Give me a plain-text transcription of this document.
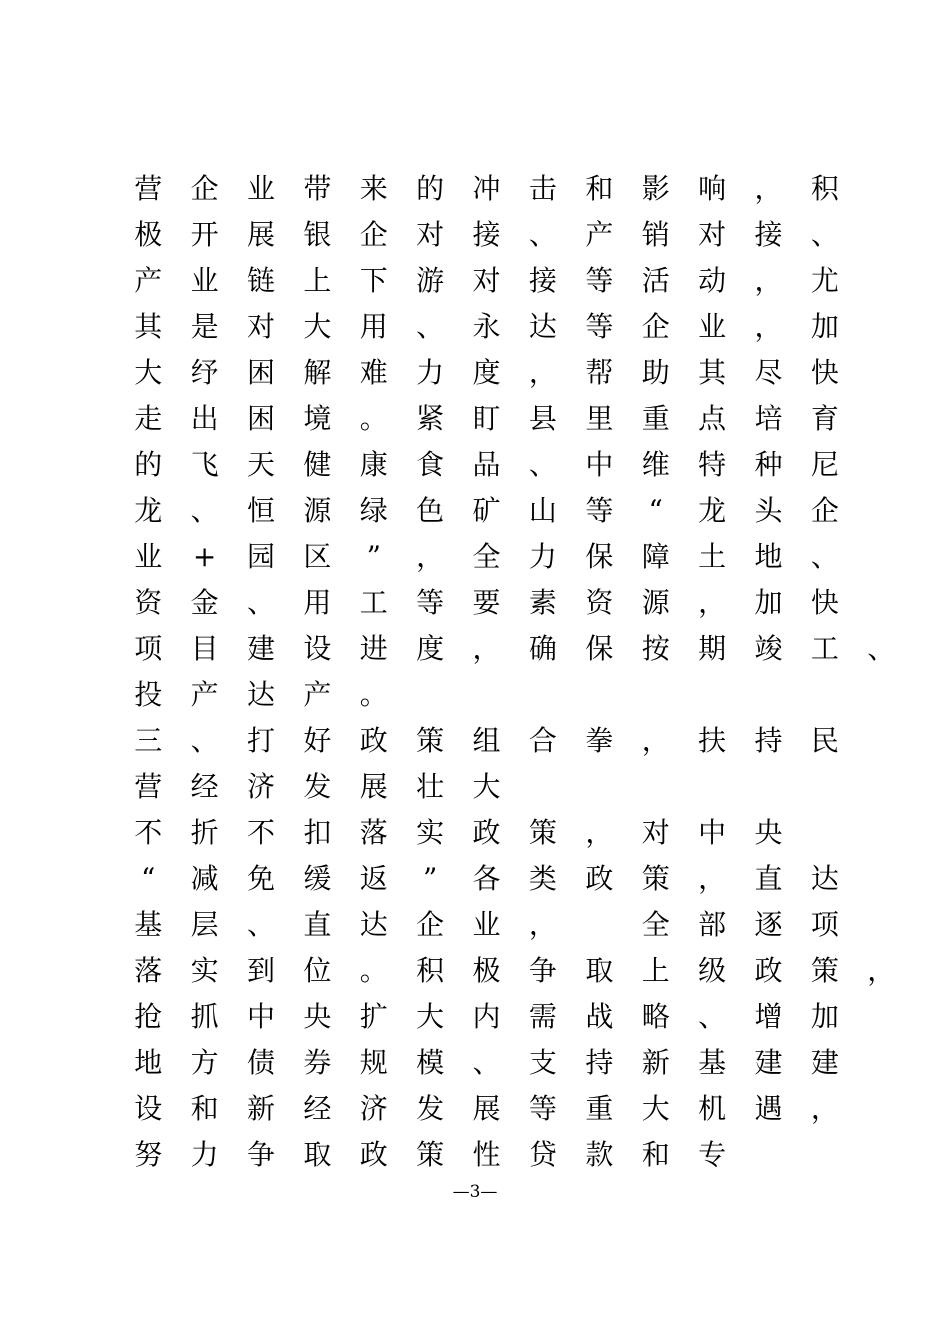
营 企 业 带 来 的 冲 击 和 影 响 ， 积
极 开 展 银 企 对 接 、 产 销 对 接 、
产 业 链 上 下 游 对 接 等 活 动 ， 尤
其 是 对 大 用 、 永 达 等 企 业 ， 加
大 纾 困 解 难 力 度 ， 帮 助 其 尽 快
走 出 困 境 。 紧 盯 县 里 重 点 培 育
的 飞 天 健 康 食 品 、 中 维 特 种 尼
龙 、 恒 源 绿 色 矿 山 等 “ 龙 头 企
业 + 园 区 ” ， 全 力 保 障 土 地 、
资 金 、 用 工 等 要 素 资 源 ， 加 快
项 目 建 设 进 度 ， 确 保 按 期 竣 工 、
投 产 达 产 。
三 、 打 好 政 策 组 合 拳 ， 扶 持 民
营 经 济 发 展 壮 大
不 折 不 扣 落 实 政 策 ， 对 中 央
“ 减 免 缓 返 ” 各 类 政 策 ， 直 达
基 层 、 直 达 企 业 ，	全 部 逐 项
落 实 到 位 。 积 极 争 取 上 级 政 策 ，
抢 抓 中 央 扩 大 内 需 战 略 、 增 加
地 方 债 券 规 模 、 支 持 新 基 建 建
设 和 新 经 济 发 展 等 重 大 机 遇 ，
努 力 争 取 政 策 性 贷 款 和 专
—3—
